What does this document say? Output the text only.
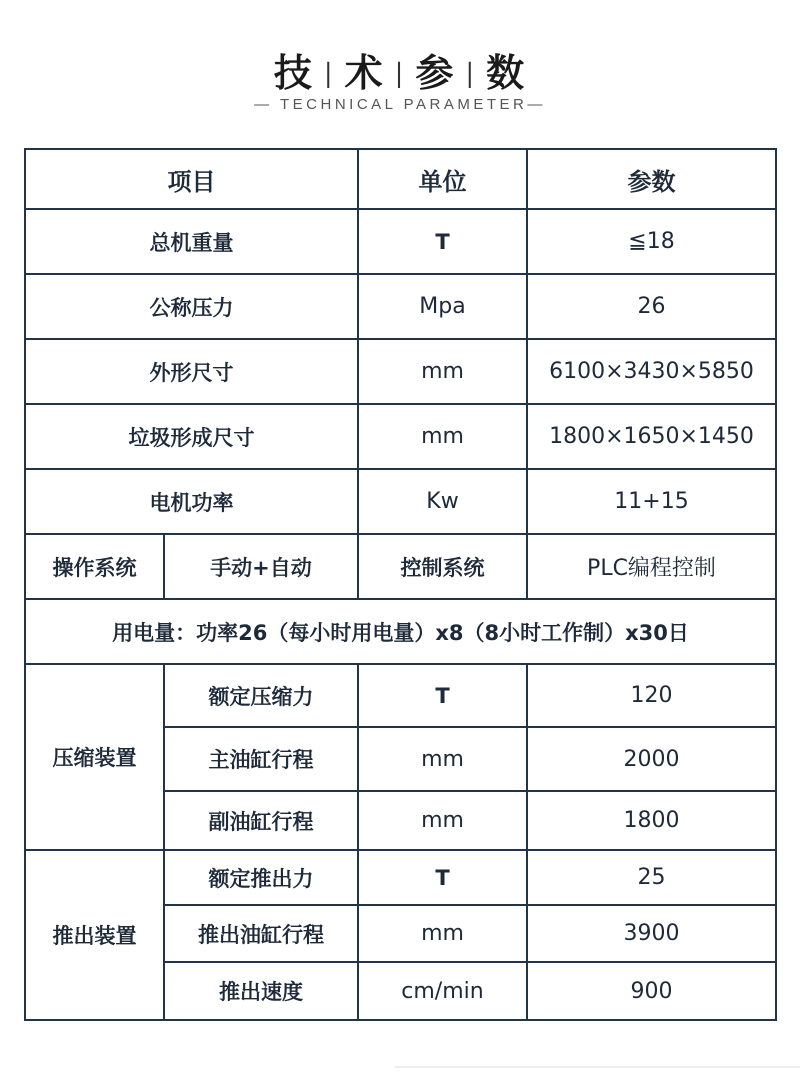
技 | 术 | 参 | 数
— TECHNICAL PARAMETER—
项目		单位	参数
总机重量		T	≦18
公称压力		Mpa	26
外形尺寸		mm	6100×3430×5850
垃圾形成尺寸		mm	1800×1650×1450
电机功率		Kw	11+15
操作系统	手动+自动	控制系统	PLC编程控制
用电量：功率26（每小时用电量）x8（8小时工作制）x30日			
压缩装置	额定压缩力	T	120
	主油缸行程	mm	2000
	副油缸行程	mm	1800
推出装置	额定推出力	T	25
	推出油缸行程	mm	3900
	推出速度	cm/min	900
